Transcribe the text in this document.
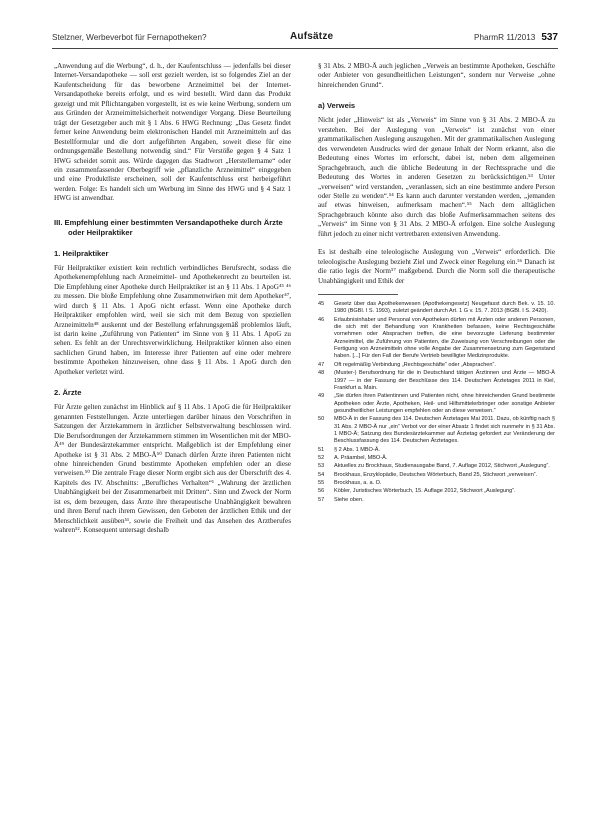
Stelzner, Werbeverbot für Fernapotheken?	Aufsätze	PharmR 11/2013 537

„Anwendung auf die Werbung“, d. h., der Kaufentschluss — jedenfalls bei dieser Internet-Versandapotheke — soll erst gezielt werden, ist so folgendes Ziel an der Kaufentscheidung für das beworbene Arzneimittel bei der Internet-Versandapotheke bereits erfolgt, und es wird bestellt. Wird dann das Produkt gezeigt und mit Pflichtangaben vorgestellt, ist es wie keine Werbung, sondern um aus Gründen der Arzneimittelsicherheit notwendiger Vorgang. Diese Beurteilung trägt der Gesetzgeber auch mit § 1 Abs. 6 HWG Rechnung: „Das Gesetz findet ferner keine Anwendung beim elektronischen Handel mit Arzneimitteln auf das Bestellformular und die dort aufgeführten Angaben, soweit diese für eine ordnungsgemäße Bestellung notwendig sind.“ Für Verstöße gegen § 4 Satz 1 HWG scheidet somit aus. Würde dagegen das Stadtwort „Herstellername“ oder ein zusammenfassender Oberbegriff wie „pflanzliche Arzneimittel“ eingegeben und eine Produktliste erscheinen, soll der Kaufentschluss erst herbeigeführt werden. Folge: Es handelt sich um Werbung im Sinne des HWG und § 4 Satz 1 HWG ist anwendbar.

III. Empfehlung einer bestimmten Versandapotheke durch Ärzte oder Heilpraktiker
1. Heilpraktiker

Für Heilpraktiker existiert kein rechtlich verbindliches Berufsrecht, sodass die Apothekenempfehlung nach Arzneimittel- und Apothekenrecht zu beurteilen ist. Die Empfehlung einer Apotheke durch Heilpraktiker ist an § 11 Abs. 1 ApoG⁴⁵ ⁴⁶ zu messen. Die bloße Empfehlung ohne Zusammenwirken mit dem Apotheker⁴⁷, wird durch § 11 Abs. 1 ApoG nicht erfasst. Wenn eine Apotheke durch Heilpraktiker empfohlen wird, weil sie sich mit dem Bezug von speziellen Arzneimitteln⁴⁸ auskennt und der Bestellung erfahrungsgemäß problemlos läuft, ist darin keine „Zuführung von Patienten“ im Sinne von § 11 Abs. 1 ApoG zu sehen. Es fehlt an der Unrechtsverwirklichung. Heilpraktiker können also einen sachlichen Grund haben, im Interesse ihrer Patienten auf eine oder mehrere bestimmte Apotheken hinzuweisen, ohne dass § 11 Abs. 1 ApoG durch den Apotheker verletzt wird.

2. Ärzte

Für Ärzte gelten zunächst im Hinblick auf § 11 Abs. 1 ApoG die für Heilpraktiker genannten Feststellungen. Ärzte unterliegen darüber hinaus den Vorschriften in Satzungen der Ärztekammern in ärztlicher Selbstverwaltung beschlossen wird. Die Berufsordnungen der Ärztekammern stimmen im Wesentlichen mit der MBO-Ä⁴⁹ der Bundesärztekammer entspricht. Maßgeblich ist der Empfehlung einer Apotheke ist § 31 Abs. 2 MBO-Ä⁵⁰ Danach dürfen Ärzte ihren Patienten nicht ohne hinreichenden Grund bestimmte Apotheken empfehlen oder an diese verweisen.⁵⁰ Die zentrale Frage dieser Norm ergibt sich aus der Überschrift des 4. Kapitels des IV. Abschnitts: „Berufliches Verhalten“¹ „Wahrung der ärztlichen Unabhängigkeit bei der Zusammenarbeit mit Dritten“. Sinn und Zweck der Norm ist es, dem bezeugen, dass Ärzte ihre therapeutische Unabhängigkeit bewahren und ihren Beruf nach ihrem Gewissen, den Geboten der ärztlichen Ethik und der Menschlichkeit ausüben⁵¹, sowie die Freiheit und das Ansehen des Arztberufes wahren⁵². Konsequent untersagt deshalb

§ 31 Abs. 2 MBO-Ä auch jeglichen „Verweis an bestimmte Apotheken, Geschäfte oder Anbieter von gesundheitlichen Leistungen“, sondern nur Verweise „ohne hinreichenden Grund“.

a) Verweis

Nicht jeder „Hinweis“ ist als „Verweis“ im Sinne von § 31 Abs. 2 MBO-Ä zu verstehen. Bei der Auslegung von „Verweis“ ist zunächst von einer grammatikalischen Auslegung auszugehen. Mit der grammatikalischen Auslegung des verwendeten Ausdrucks wird der genaue Inhalt der Norm erkannt, also die Bedeutung eines Wortes im erforscht, dabei ist, neben dem allgemeinen Sprachgebrauch, auch die übliche Bedeutung in der Rechtssprache und die Bedeutung des Wortes in anderen Gesetzen zu berücksichtigen.⁵³ Unter „verweisen“ wird verstanden, „veranlassen, sich an eine bestimmte andere Person oder Stelle zu wenden“.⁵⁴ Es kann auch darunter verstanden werden, „jemanden auf etwas hinweisen, aufmerksam machen“.⁵⁵ Nach dem alltäglichen Sprachgebrauch könnte also durch das bloße Aufmerksammachen seitens des „Verweis“ im Sinne von § 31 Abs. 2 MBO-Ä erfolgen. Eine solche Auslegung führt jedoch zu einer nicht vertretbaren extensiven Anwendung.

Es ist deshalb eine teleologische Auslegung von „Verweis“ erforderlich. Die teleologische Auslegung bezieht Ziel und Zweck einer Regelung ein.⁵⁶ Danach ist die ratio legis der Norm⁵⁷ maßgebend. Durch die Norm soll die therapeutische Unabhängigkeit und Ethik der

45 Gesetz über das Apothekenwesen (Apothekengesetz) Neugefasst durch Bek. v. 15. 10. 1980 (BGBl. I S. 1993), zuletzt geändert durch Art. 1 G v. 15. 7. 2013 (BGBl. I S. 2420).
46 Erlaubnisinhaber und Personal von Apotheken dürfen mit Ärzten oder anderen Personen, die sich mit der Behandlung von Krankheiten befassen, keine Rechtsgeschäfte vornehmen oder Absprachen treffen, die eine bevorzugte Lieferung bestimmter Arzneimittel, die Zuführung von Patienten, die Zuweisung von Verschreibungen oder die Fertigung von Arzneimitteln ohne volle Angabe der Zusammensetzung zum Gegenstand haben. [...] Für den Fall der Berufe Vertrieb bewilligter Medizinprodukte.
47 Oft regelmäßig Verbindung „Rechtsgeschäfte“ oder „Absprachen“.
48 (Muster-) Berufsordnung für die in Deutschland tätigen Ärztinnen und Ärzte — MBO-Ä 1997 — in der Fassung der Beschlüsse des 114. Deutschen Ärztetages 2011 in Kiel, Frankfurt a. Main.
49 „Sie dürfen ihren Patientinnen und Patienten nicht, ohne hinreichenden Grund bestimmte Apotheken oder Ärzte, Apotheken, Heil- und Hilfsmittelerbringer oder sonstige Anbieter gesundheitlicher Leistungen empfehlen oder an diese verweisen.“
50 MBO-Ä in der Fassung des 114. Deutschen Ärztetages Mai 2011. Dazu, ob künftig nach § 31 Abs. 2 MBO-Ä nur „ein“ Verbot vor der einer Absatz 1 findet sich nunmehr in § 31 Abs. 1 MBO-Ä; Satzung des Bundesärztekammer auf Ärztetag gefordert zur Veränderung der Beschlussfassung des 114. Deutschen Ärztetages.
51 § 2 Abs. 1 MBO-Ä.
52 A. Präambel, MBO-Ä.
53 Aktuelles zu Brockhaus, Studienausgabe Band, 7. Auflage 2012, Stichwort „Auslegung“.
54 Brockhaus, Enzyklopädie, Deutsches Wörterbuch, Band 25, Stichwort „verweisen“.
55 Brockhaus, a. a. O.
56 Köbler, Juristisches Wörterbuch, 15. Auflage 2012, Stichwort „Auslegung“.
57 Siehe oben.
